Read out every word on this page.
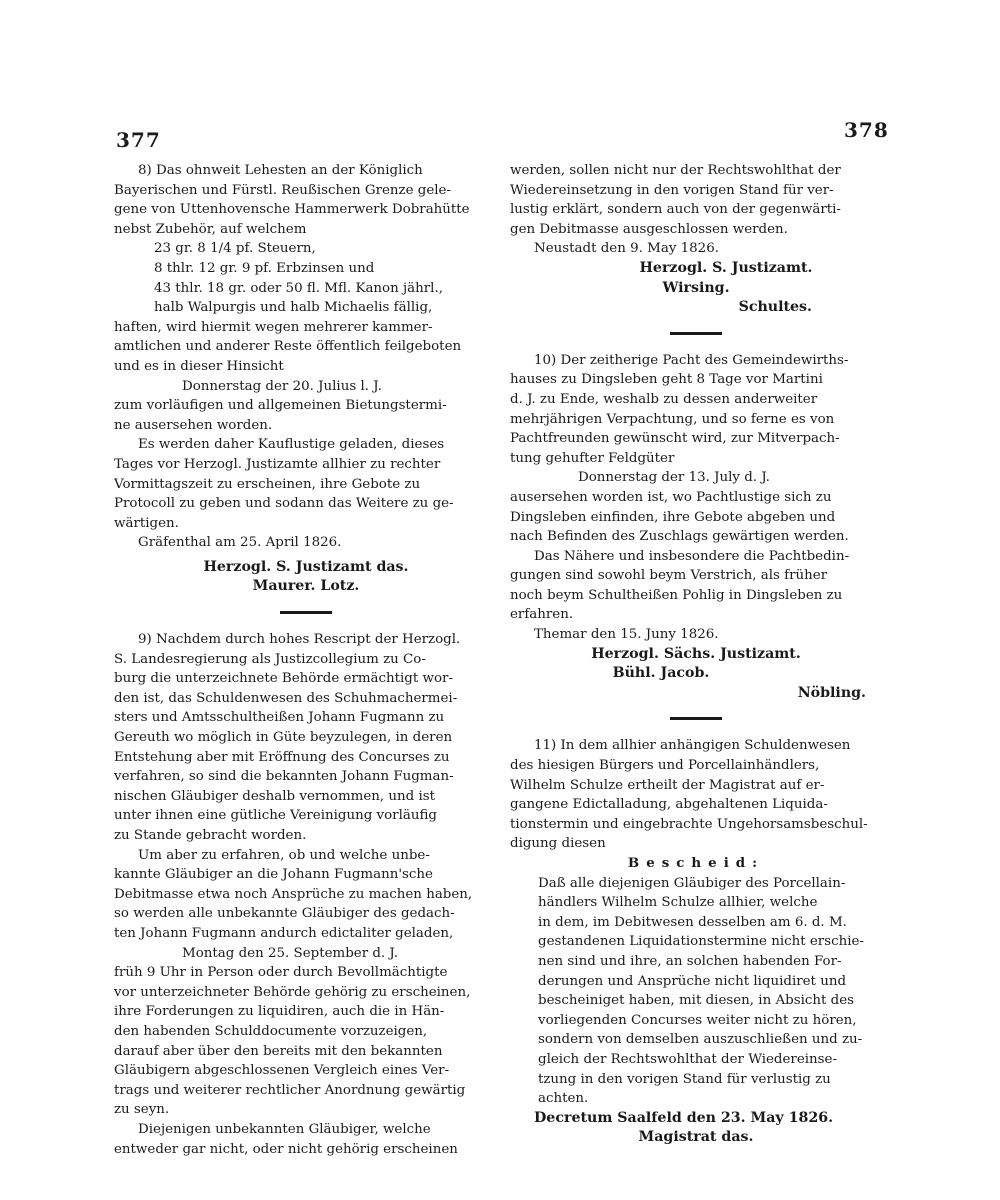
377	378

8) Das ohnweit Lehesten an der Königlich

Bayerischen und Fürstl. Reußischen Grenze gele-

gene von Uttenhovensche Hammerwerk Dobrahütte

nebst Zubehör, auf welchem

23 gr. 8 1/4 pf. Steuern,

8 thlr. 12 gr. 9 pf. Erbzinsen und

43 thlr. 18 gr. oder 50 fl. Mfl. Kanon jährl.,

halb Walpurgis und halb Michaelis fällig,

haften, wird hiermit wegen mehrerer kammer-

amtlichen und anderer Reste öffentlich feilgeboten

und es in dieser Hinsicht

Donnerstag der 20. Julius l. J.

zum vorläufigen und allgemeinen Bietungstermi-

ne ausersehen worden.

Es werden daher Kauflustige geladen, dieses

Tages vor Herzogl. Justizamte allhier zu rechter

Vormittagszeit zu erscheinen, ihre Gebote zu

Protocoll zu geben und sodann das Weitere zu ge-

wärtigen.

Gräfenthal am 25. April 1826.

Herzogl. S. Justizamt das.

Maurer. Lotz.

9) Nachdem durch hohes Rescript der Herzogl.

S. Landesregierung als Justizcollegium zu Co-

burg die unterzeichnete Behörde ermächtigt wor-

den ist, das Schuldenwesen des Schuhmachermei-

sters und Amtsschultheißen Johann Fugmann zu

Gereuth wo möglich in Güte beyzulegen, in deren

Entstehung aber mit Eröffnung des Concurses zu

verfahren, so sind die bekannten Johann Fugman-

nischen Gläubiger deshalb vernommen, und ist

unter ihnen eine gütliche Vereinigung vorläufig

zu Stande gebracht worden.

Um aber zu erfahren, ob und welche unbe-

kannte Gläubiger an die Johann Fugmann'sche

Debitmasse etwa noch Ansprüche zu machen haben,

so werden alle unbekannte Gläubiger des gedach-

ten Johann Fugmann andurch edictaliter geladen,

Montag den 25. September d. J.

früh 9 Uhr in Person oder durch Bevollmächtigte

vor unterzeichneter Behörde gehörig zu erscheinen,

ihre Forderungen zu liquidiren, auch die in Hän-

den habenden Schulddocumente vorzuzeigen,

darauf aber über den bereits mit den bekannten

Gläubigern abgeschlossenen Vergleich eines Ver-

trags und weiterer rechtlicher Anordnung gewärtig

zu seyn.

Diejenigen unbekannten Gläubiger, welche

entweder gar nicht, oder nicht gehörig erscheinen

werden, sollen nicht nur der Rechtswohlthat der

Wiedereinsetzung in den vorigen Stand für ver-

lustig erklärt, sondern auch von der gegenwärti-

gen Debitmasse ausgeschlossen werden.

Neustadt den 9. May 1826.

Herzogl. S. Justizamt.

Wirsing.

Schultes.

10) Der zeitherige Pacht des Gemeindewirths-

hauses zu Dingsleben geht 8 Tage vor Martini

d. J. zu Ende, weshalb zu dessen anderweiter

mehrjährigen Verpachtung, und so ferne es von

Pachtfreunden gewünscht wird, zur Mitverpach-

tung gehufter Feldgüter

Donnerstag der 13. July d. J.

ausersehen worden ist, wo Pachtlustige sich zu

Dingsleben einfinden, ihre Gebote abgeben und

nach Befinden des Zuschlags gewärtigen werden.

Das Nähere und insbesondere die Pachtbedin-

gungen sind sowohl beym Verstrich, als früher

noch beym Schultheißen Pohlig in Dingsleben zu

erfahren.

Themar den 15. Juny 1826.

Herzogl. Sächs. Justizamt.

Bühl. Jacob.

Nöbling.

11) In dem allhier anhängigen Schuldenwesen

des hiesigen Bürgers und Porcellainhändlers,

Wilhelm Schulze ertheilt der Magistrat auf er-

gangene Edictalladung, abgehaltenen Liquida-

tionstermin und eingebrachte Ungehorsamsbeschul-

digung diesen

Bescheid:

Daß alle diejenigen Gläubiger des Porcellain-

händlers Wilhelm Schulze allhier, welche

in dem, im Debitwesen desselben am 6. d. M.

gestandenen Liquidationstermine nicht erschie-

nen sind und ihre, an solchen habenden For-

derungen und Ansprüche nicht liquidiret und

bescheiniget haben, mit diesen, in Absicht des

vorliegenden Concurses weiter nicht zu hören,

sondern von demselben auszuschließen und zu-

gleich der Rechtswohlthat der Wiedereinse-

tzung in den vorigen Stand für verlustig zu

achten.

Decretum Saalfeld den 23. May 1826.

Magistrat das.
